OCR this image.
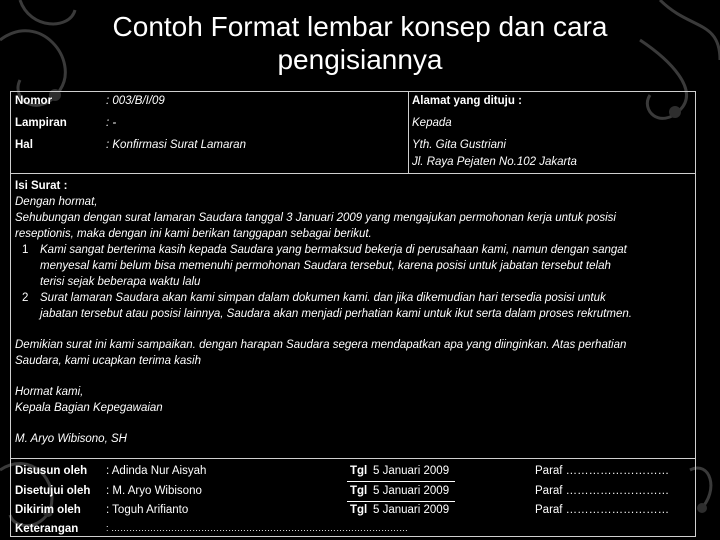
Contoh Format lembar konsep dan cara
pengisiannya
Nomor	: 003/B/I/09
Lampiran	: -
Hal	: Konfirmasi Surat Lamaran
Alamat yang dituju :
Kepada
Yth. Gita Gustriani
Jl. Raya Pejaten No.102 Jakarta
Isi Surat :
Dengan hormat,
Sehubungan dengan surat lamaran Saudara tanggal 3 Januari 2009 yang mengajukan permohonan kerja untuk posisi
reseptionis, maka dengan ini kami berikan tanggapan sebagai berikut.
1 Kami sangat berterima kasih kepada Saudara yang bermaksud bekerja di perusahaan kami, namun dengan sangat
menyesal kami belum bisa memenuhi permohonan Saudara tersebut, karena posisi untuk jabatan tersebut telah
terisi sejak beberapa waktu lalu
2 Surat lamaran Saudara akan kami simpan dalam dokumen kami. dan jika dikemudian hari tersedia posisi untuk
jabatan tersebut atau posisi lainnya, Saudara akan menjadi perhatian kami untuk ikut serta dalam proses rekrutmen.
Demikian surat ini kami sampaikan. dengan harapan Saudara segera mendapatkan apa yang diinginkan. Atas perhatian
Saudara, kami ucapkan terima kasih
Hormat kami,
Kepala Bagian Kepegawaian
M. Aryo Wibisono, SH
Disusun oleh : Adinda Nur Aisyah	Tgl 5 Januari 2009	Paraf ………………………
Disetujui oleh : M. Aryo Wibisono	Tgl 5 Januari 2009	Paraf ………………………
Dikirim oleh : Toguh Arifianto	Tgl 5 Januari 2009	Paraf ………………………
Keterangan	: ………………………………………………………………………………………
